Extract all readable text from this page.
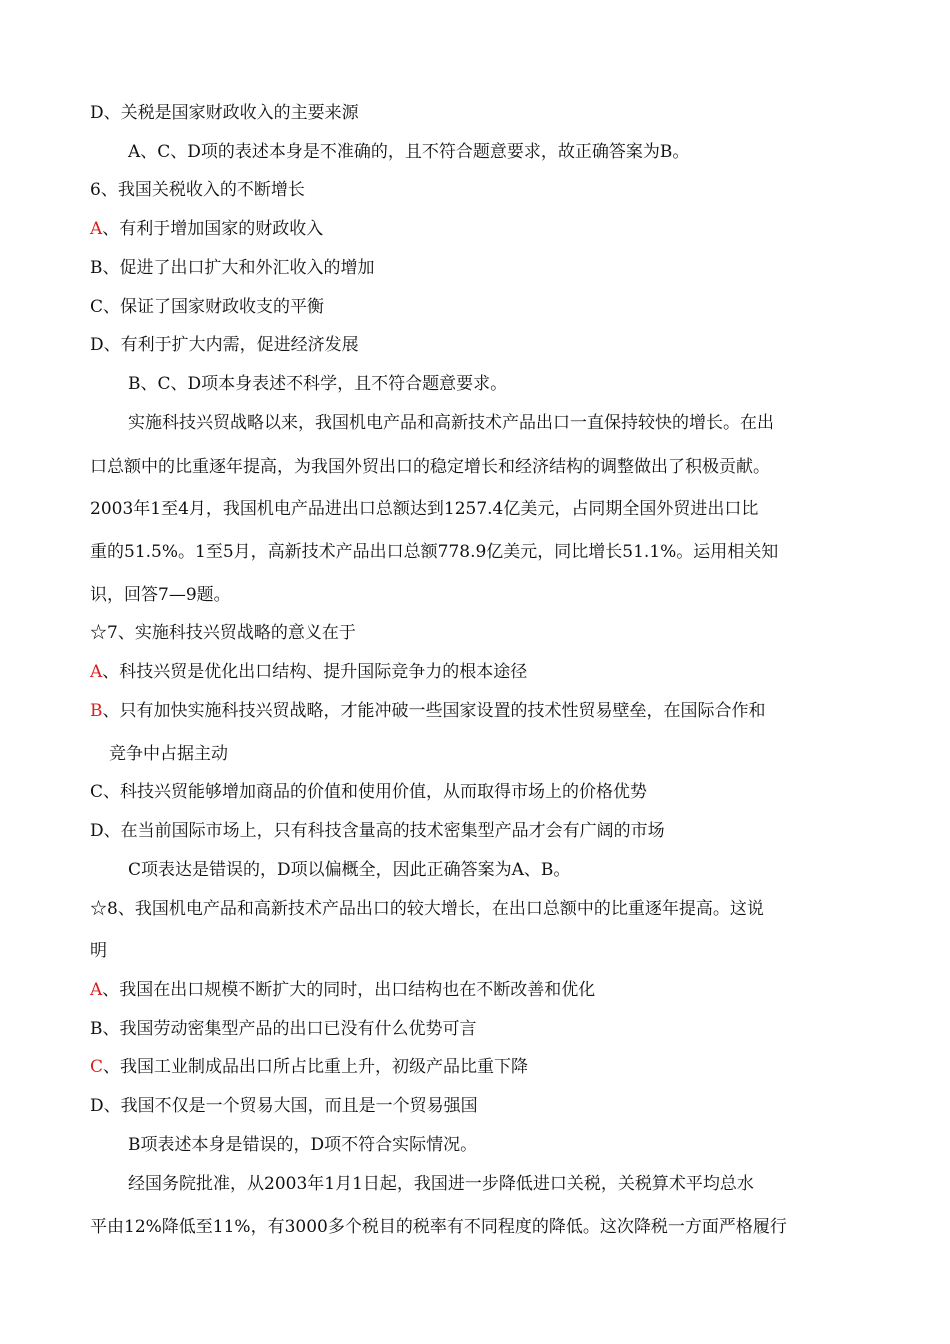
D、关税是国家财政收入的主要来源
A、C、D项的表述本身是不准确的，且不符合题意要求，故正确答案为B。
6、我国关税收入的不断增长
A、有利于增加国家的财政收入
B、促进了出口扩大和外汇收入的增加
C、保证了国家财政收支的平衡
D、有利于扩大内需，促进经济发展
B、C、D项本身表述不科学，且不符合题意要求。
实施科技兴贸战略以来，我国机电产品和高新技术产品出口一直保持较快的增长。在出
口总额中的比重逐年提高，为我国外贸出口的稳定增长和经济结构的调整做出了积极贡献。
2003年1至4月，我国机电产品进出口总额达到1257.4亿美元，占同期全国外贸进出口比
重的51.5%。1至5月，高新技术产品出口总额778.9亿美元，同比增长51.1%。运用相关知
识，回答7—9题。
☆7、实施科技兴贸战略的意义在于
A、科技兴贸是优化出口结构、提升国际竞争力的根本途径
B、只有加快实施科技兴贸战略，才能冲破一些国家设置的技术性贸易壁垒，在国际合作和
竞争中占据主动
C、科技兴贸能够增加商品的价值和使用价值，从而取得市场上的价格优势
D、在当前国际市场上，只有科技含量高的技术密集型产品才会有广阔的市场
C项表达是错误的，D项以偏概全，因此正确答案为A、B。
☆8、我国机电产品和高新技术产品出口的较大增长，在出口总额中的比重逐年提高。这说
明
A、我国在出口规模不断扩大的同时，出口结构也在不断改善和优化
B、我国劳动密集型产品的出口已没有什么优势可言
C、我国工业制成品出口所占比重上升，初级产品比重下降
D、我国不仅是一个贸易大国，而且是一个贸易强国
B项表述本身是错误的，D项不符合实际情况。
经国务院批准，从2003年1月1日起，我国进一步降低进口关税，关税算术平均总水
平由12%降低至11%，有3000多个税目的税率有不同程度的降低。这次降税一方面严格履行
